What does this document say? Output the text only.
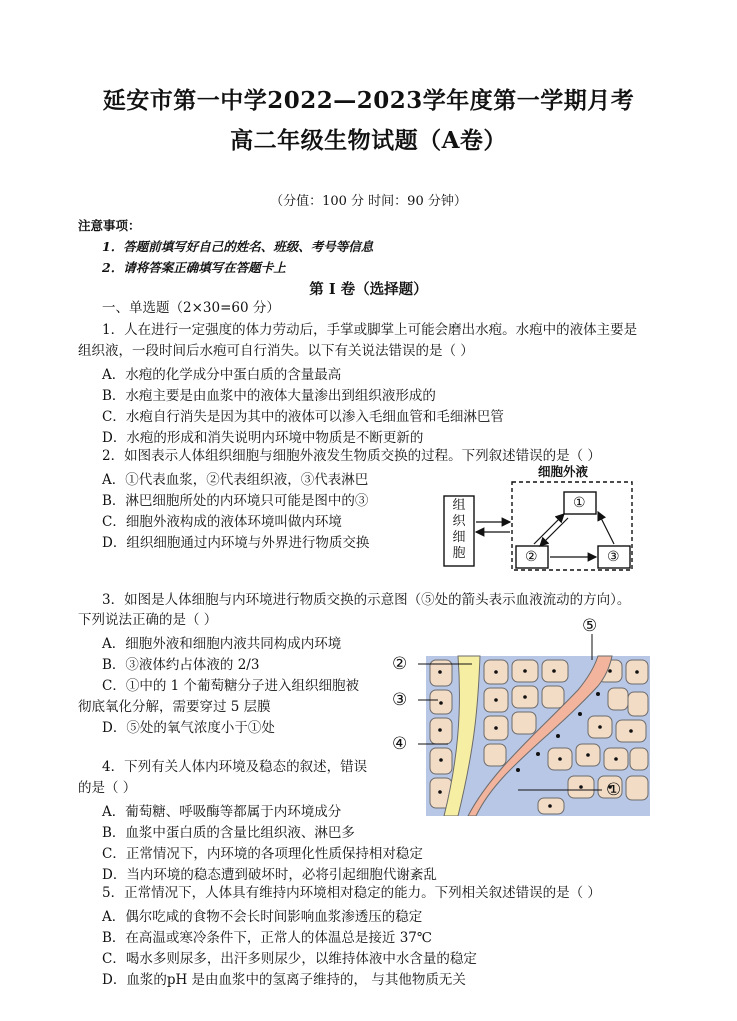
延安市第一中学2022—2023学年度第一学期月考
高二年级生物试题（A卷）
（分值：100 分 时间：90 分钟）
注意事项：
1．答题前填写好自己的姓名、班级、考号等信息
2．请将答案正确填写在答题卡上
第 I 卷（选择题）
一、单选题（2×30=60 分）
1．人在进行一定强度的体力劳动后，手掌或脚掌上可能会磨出水疱。水疱中的液体主要是
组织液，一段时间后水疱可自行消失。以下有关说法错误的是（ ）
A．水疱的化学成分中蛋白质的含量最高
B．水疱主要是由血浆中的液体大量渗出到组织液形成的
C．水疱自行消失是因为其中的液体可以渗入毛细血管和毛细淋巴管
D．水疱的形成和消失说明内环境中物质是不断更新的
2．如图表示人体组织细胞与细胞外液发生物质交换的过程。下列叙述错误的是（ ）
A．①代表血浆，②代表组织液，③代表淋巴
B．淋巴细胞所处的内环境只可能是图中的③
C．细胞外液构成的液体环境叫做内环境
D．组织细胞通过内环境与外界进行物质交换
细胞外液
组织细胞
①
②	③
3．如图是人体细胞与内环境进行物质交换的示意图（⑤处的箭头表示血液流动的方向）。
下列说法正确的是（ ）
A．细胞外液和细胞内液共同构成内环境
B．③液体约占体液的 2/3
C．①中的 1 个葡萄糖分子进入组织细胞被
彻底氧化分解，需要穿过 5 层膜
D．⑤处的氧气浓度小于①处
②
③
④
⑤
①
4．下列有关人体内环境及稳态的叙述，错误
的是（ ）
A．葡萄糖、呼吸酶等都属于内环境成分
B．血浆中蛋白质的含量比组织液、淋巴多
C．正常情况下，内环境的各项理化性质保持相对稳定
D．当内环境的稳态遭到破坏时，必将引起细胞代谢紊乱
5．正常情况下，人体具有维持内环境相对稳定的能力。下列相关叙述错误的是（ ）
A．偶尔吃咸的食物不会长时间影响血浆渗透压的稳定
B．在高温或寒冷条件下，正常人的体温总是接近 37℃
C．喝水多则尿多，出汗多则尿少，以维持体液中水含量的稳定
D．血浆的pH 是由血浆中的氢离子维持的， 与其他物质无关
